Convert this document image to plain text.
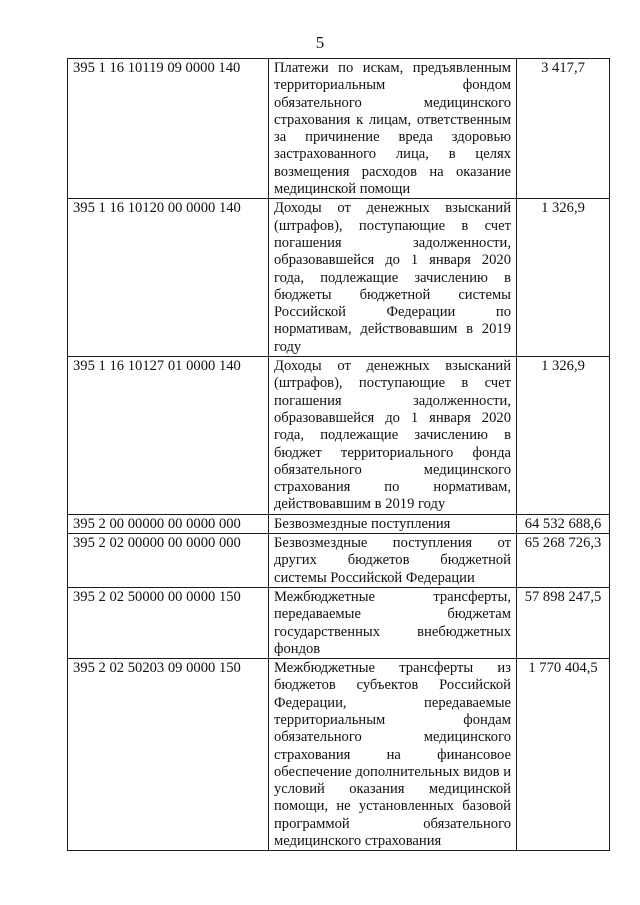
5
395 1 16 10119 09 0000 140	Платежи по искам, предъявленным территориальным фондом обязательного медицинского страхования к лицам, ответственным за причинение вреда здоровью застрахованного лица, в целях возмещения расходов на оказание медицинской помощи	3 417,7
395 1 16 10120 00 0000 140	Доходы от денежных взысканий (штрафов), поступающие в счет погашения задолженности, образовавшейся до 1 января 2020 года, подлежащие зачислению в бюджеты бюджетной системы Российской Федерации по нормативам, действовавшим в 2019 году	1 326,9
395 1 16 10127 01 0000 140	Доходы от денежных взысканий (штрафов), поступающие в счет погашения задолженности, образовавшейся до 1 января 2020 года, подлежащие зачислению в бюджет территориального фонда обязательного медицинского страхования по нормативам, действовавшим в 2019 году	1 326,9
395 2 00 00000 00 0000 000	Безвозмездные поступления	64 532 688,6
395 2 02 00000 00 0000 000	Безвозмездные поступления от других бюджетов бюджетной системы Российской Федерации	65 268 726,3
395 2 02 50000 00 0000 150	Межбюджетные трансферты, передаваемые бюджетам государственных внебюджетных фондов	57 898 247,5
395 2 02 50203 09 0000 150	Межбюджетные трансферты из бюджетов субъектов Российской Федерации, передаваемые территориальным фондам обязательного медицинского страхования на финансовое обеспечение дополнительных видов и условий оказания медицинской помощи, не установленных базовой программой обязательного медицинского страхования	1 770 404,5
